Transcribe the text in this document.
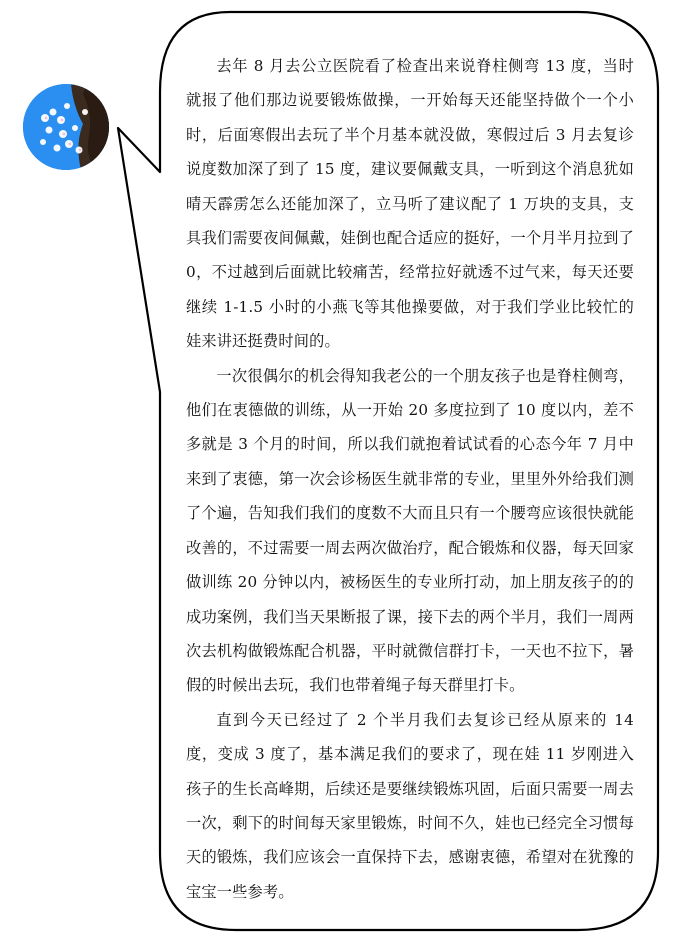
去年 8 月去公立医院看了检查出来说脊柱侧弯 13 度，当时就报了他们那边说要锻炼做操，一开始每天还能坚持做个一个小时，后面寒假出去玩了半个月基本就没做，寒假过后 3 月去复诊说度数加深了到了 15 度，建议要佩戴支具，一听到这个消息犹如晴天霹雳怎么还能加深了，立马听了建议配了 1 万块的支具，支具我们需要夜间佩戴，娃倒也配合适应的挺好，一个月半月拉到了 0，不过越到后面就比较痛苦，经常拉好就透不过气来，每天还要继续 1-1.5 小时的小燕飞等其他操要做，对于我们学业比较忙的娃来讲还挺费时间的。

一次很偶尔的机会得知我老公的一个朋友孩子也是脊柱侧弯，他们在衷德做的训练，从一开始 20 多度拉到了 10 度以内，差不多就是 3 个月的时间，所以我们就抱着试试看的心态今年 7 月中来到了衷德，第一次会诊杨医生就非常的专业，里里外外给我们测了个遍，告知我们我们的度数不大而且只有一个腰弯应该很快就能改善的，不过需要一周去两次做治疗，配合锻炼和仪器，每天回家做训练 20 分钟以内，被杨医生的专业所打动，加上朋友孩子的的成功案例，我们当天果断报了课，接下去的两个半月，我们一周两次去机构做锻炼配合机器，平时就微信群打卡，一天也不拉下，暑假的时候出去玩，我们也带着绳子每天群里打卡。

直到今天已经过了 2 个半月我们去复诊已经从原来的 14 度，变成 3 度了，基本满足我们的要求了，现在娃 11 岁刚进入孩子的生长高峰期，后续还是要继续锻炼巩固，后面只需要一周去一次，剩下的时间每天家里锻炼，时间不久，娃也已经完全习惯每天的锻炼，我们应该会一直保持下去，感谢衷德，希望对在犹豫的宝宝一些参考。
